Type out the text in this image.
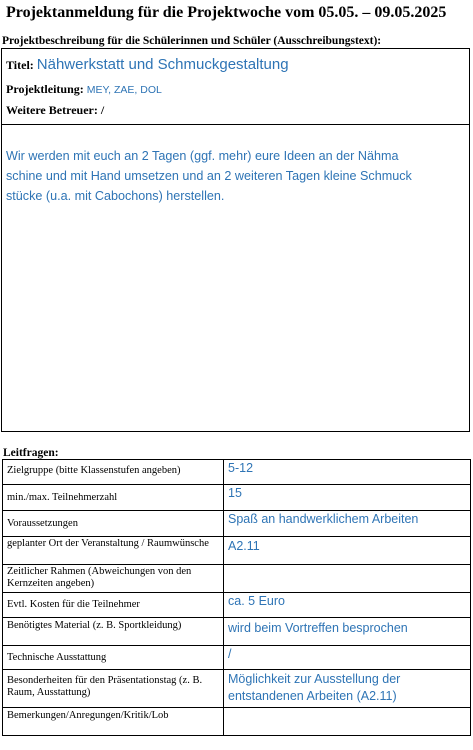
Projektanmeldung für die Projektwoche vom 05.05. – 09.05.2025
Projektbeschreibung für die Schülerinnen und Schüler (Ausschreibungstext):
Titel: Nähwerkstatt und Schmuckgestaltung
Projektleitung: MEY, ZAE, DOL
Weitere Betreuer: /
Wir werden mit euch an 2 Tagen (ggf. mehr) eure Ideen an der Nähma
schine und mit Hand umsetzen und an 2 weiteren Tagen kleine Schmuck
stücke (u.a. mit Cabochons) herstellen.
Leitfragen:
Zielgruppe (bitte Klassenstufen angeben)	5-12

min./max. Teilnehmerzahl	15

Voraussetzungen	Spaß an handwerklichem Arbeiten

geplanter Ort der Veranstaltung / Raumwünsche	A2.11

Zeitlicher Rahmen (Abweichungen von den Kernzeiten angeben)	

Evtl. Kosten für die Teilnehmer	ca. 5 Euro

Benötigtes Material (z. B. Sportkleidung)	wird beim Vortreffen besprochen

Technische Ausstattung	/

Besonderheiten für den Präsentationstag (z. B. Raum, Ausstattung)	Möglichkeit zur Ausstellung der entstandenen Arbeiten (A2.11)

Bemerkungen/Anregungen/Kritik/Lob	
